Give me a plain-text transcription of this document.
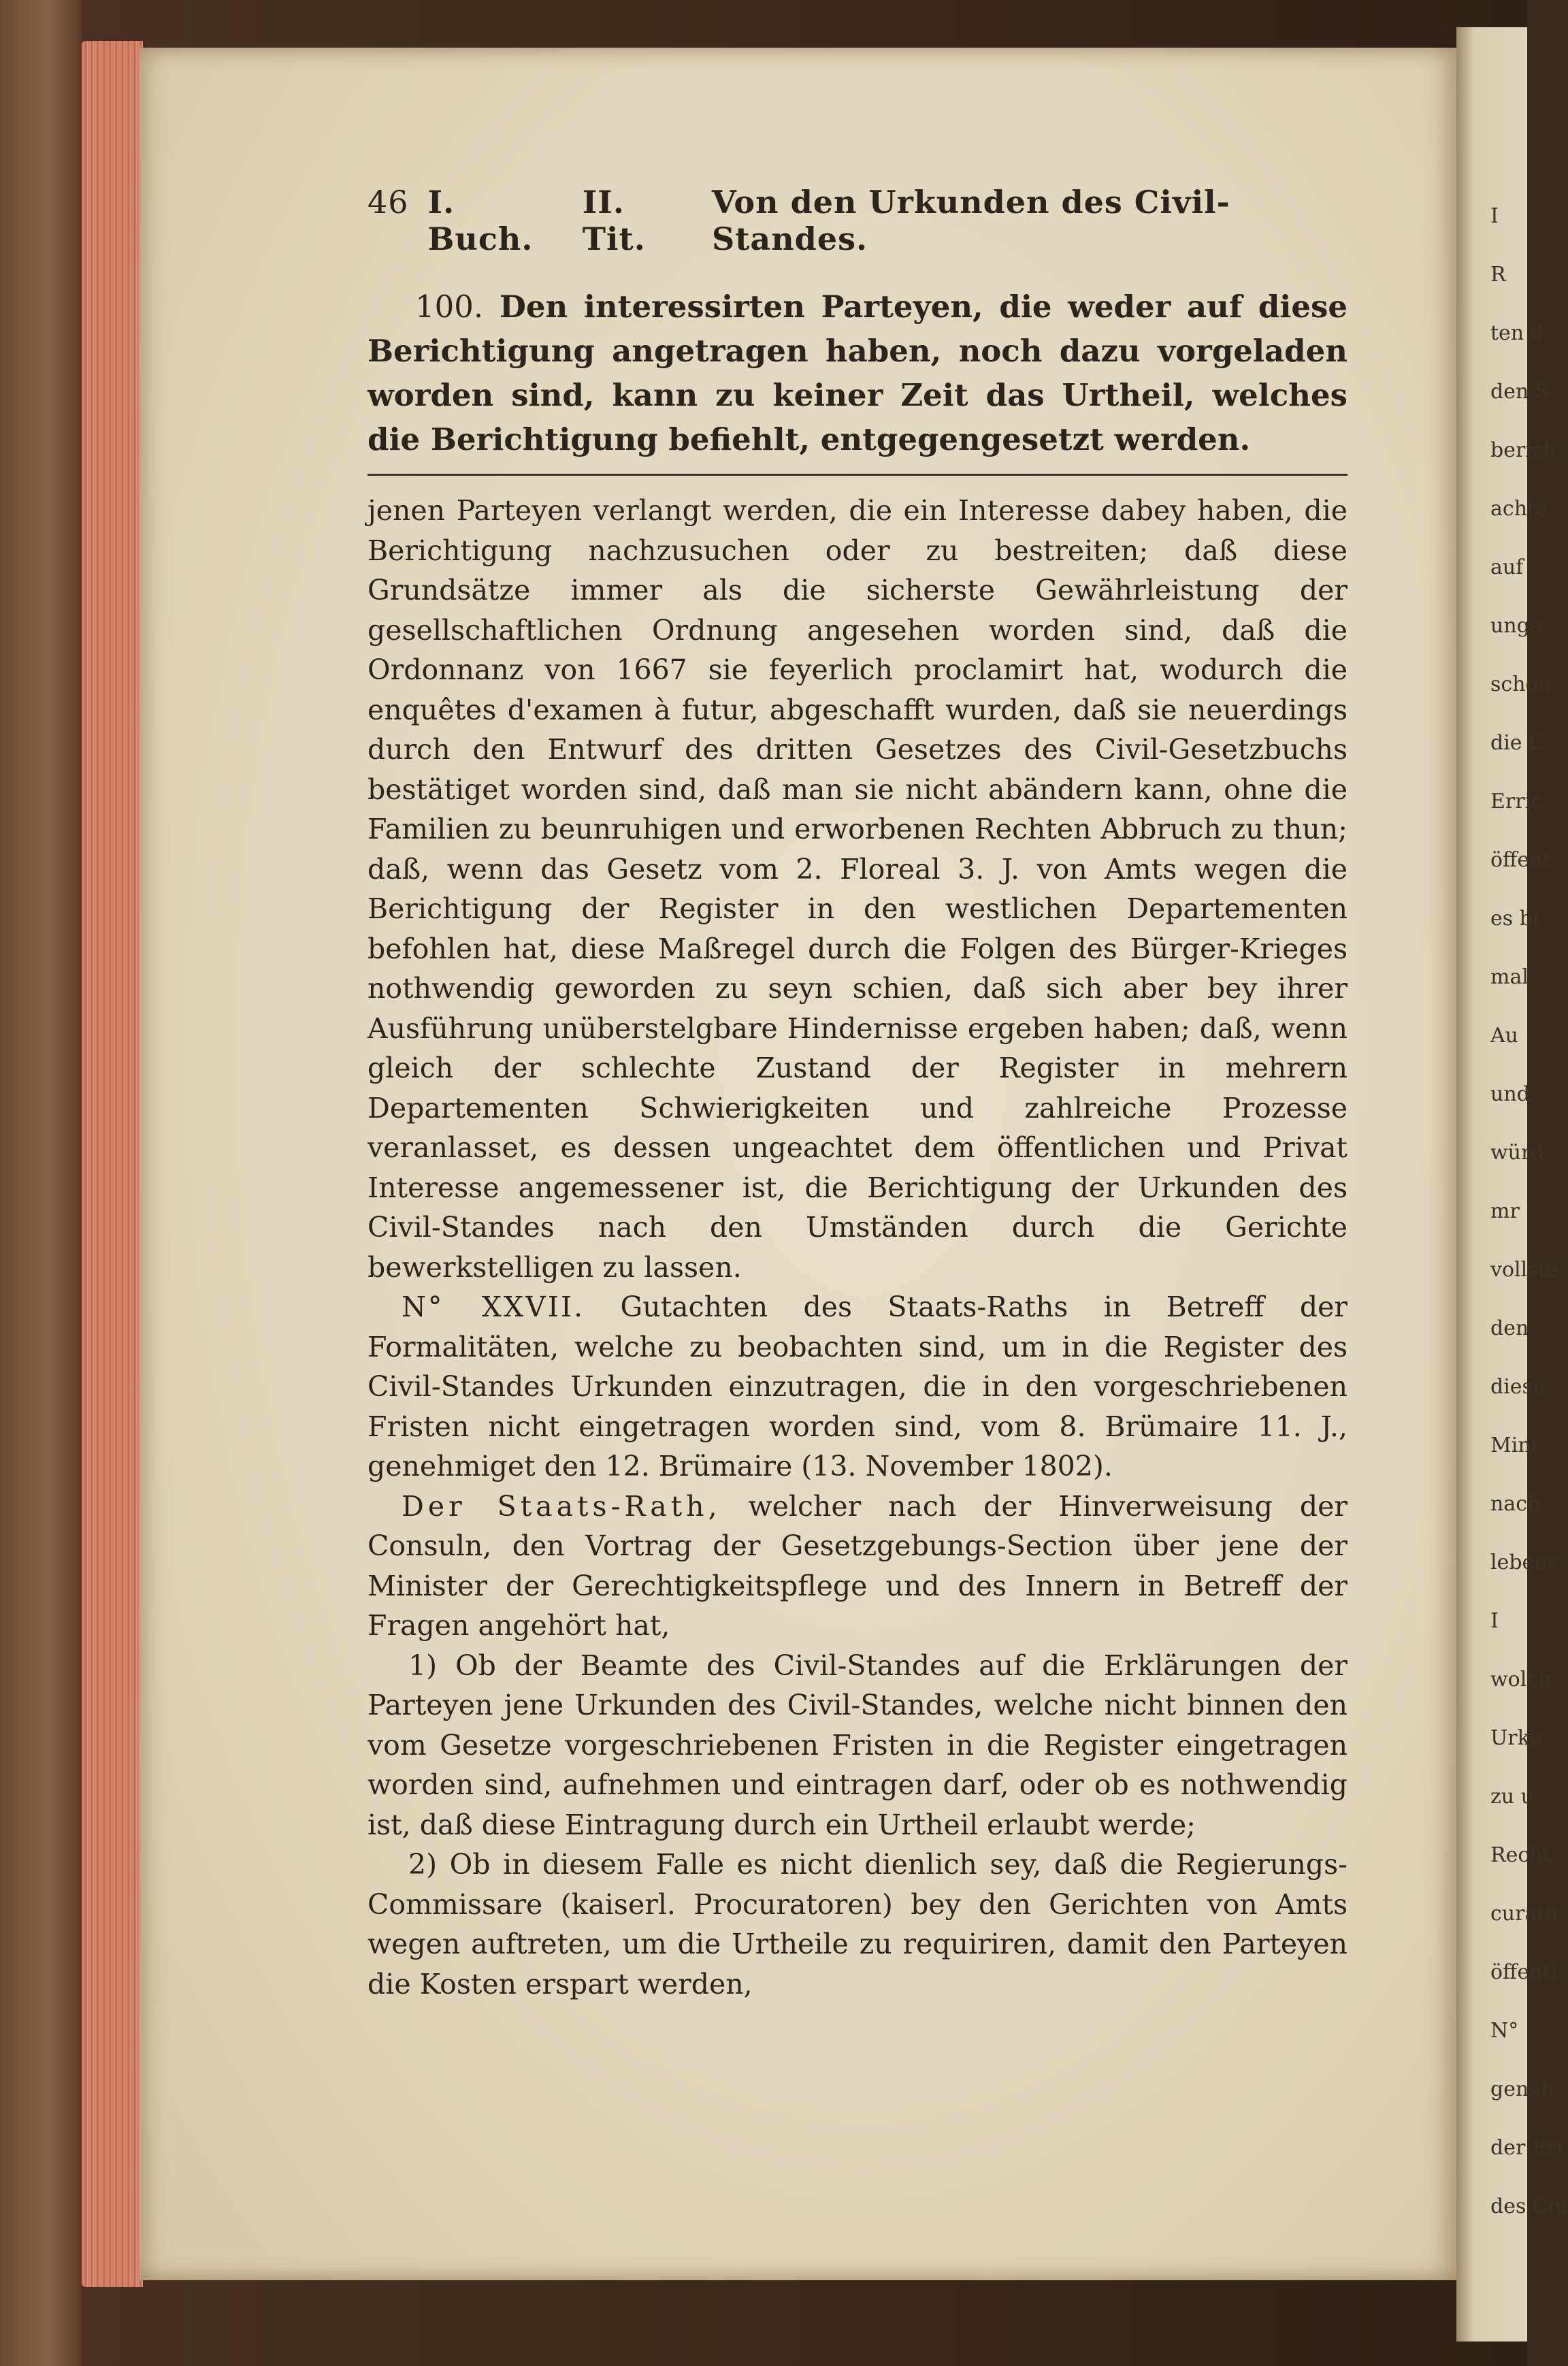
I
R
ten d
den S
berich
achte
auf
unge
schon
die C
Erric
öffent
es bi
mal
Au
und
würd
mr
vollste
den
diese
Mini
nach
lebens
I
wolch
Urku
zu u
Recht
curato
öffentl
N°
geneh
der Ert
des Ciu
46 I. Buch.
II. Tit.
Von den Urkunden des Civil-Standes.
100. Den interessirten Parteyen, die weder auf diese Berichtigung angetragen haben, noch dazu vorgeladen worden sind, kann zu keiner Zeit das Urtheil, welches die Berichtigung befiehlt, entgegengesetzt werden.

jenen Parteyen verlangt werden, die ein Interesse dabey haben, die Berichtigung nachzusuchen oder zu bestreiten; daß diese Grundsätze immer als die sicherste Gewährleistung der gesellschaftlichen Ordnung angesehen worden sind, daß die Ordonnanz von 1667 sie feyerlich proclamirt hat, wodurch die enquêtes d'examen à futur, abgeschafft wurden, daß sie neuerdings durch den Entwurf des dritten Gesetzes des Civil-Gesetzbuchs bestätiget worden sind, daß man sie nicht abändern kann, ohne die Familien zu beunruhigen und erworbenen Rechten Abbruch zu thun; daß, wenn das Gesetz vom 2. Floreal 3. J. von Amts wegen die Berichtigung der Register in den westlichen Departementen befohlen hat, diese Maßregel durch die Folgen des Bürger-Krieges nothwendig geworden zu seyn schien, daß sich aber bey ihrer Ausführung unüberstelgbare Hindernisse ergeben haben; daß, wenn gleich der schlechte Zustand der Register in mehrern Departementen Schwierigkeiten und zahlreiche Prozesse veranlasset, es dessen ungeachtet dem öffentlichen und Privat Interesse angemessener ist, die Berichtigung der Urkunden des Civil-Standes nach den Umständen durch die Gerichte bewerkstelligen zu lassen.

N° XXVII. Gutachten des Staats-Raths in Betreff der Formalitäten, welche zu beobachten sind, um in die Register des Civil-Standes Urkunden einzutragen, die in den vorgeschriebenen Fristen nicht eingetragen worden sind, vom 8. Brümaire 11. J., genehmiget den 12. Brümaire (13. November 1802).

Der Staats-Rath, welcher nach der Hinverweisung der Consuln, den Vortrag der Gesetzgebungs-Section über jene der Minister der Gerechtigkeitspflege und des Innern in Betreff der Fragen angehört hat,

1) Ob der Beamte des Civil-Standes auf die Erklärungen der Parteyen jene Urkunden des Civil-Standes, welche nicht binnen den vom Gesetze vorgeschriebenen Fristen in die Register eingetragen worden sind, aufnehmen und eintragen darf, oder ob es nothwendig ist, daß diese Eintragung durch ein Urtheil erlaubt werde;

2) Ob in diesem Falle es nicht dienlich sey, daß die Regierungs-Commissare (kaiserl. Procuratoren) bey den Gerichten von Amts wegen auftreten, um die Urtheile zu requiriren, damit den Parteyen die Kosten erspart werden,
